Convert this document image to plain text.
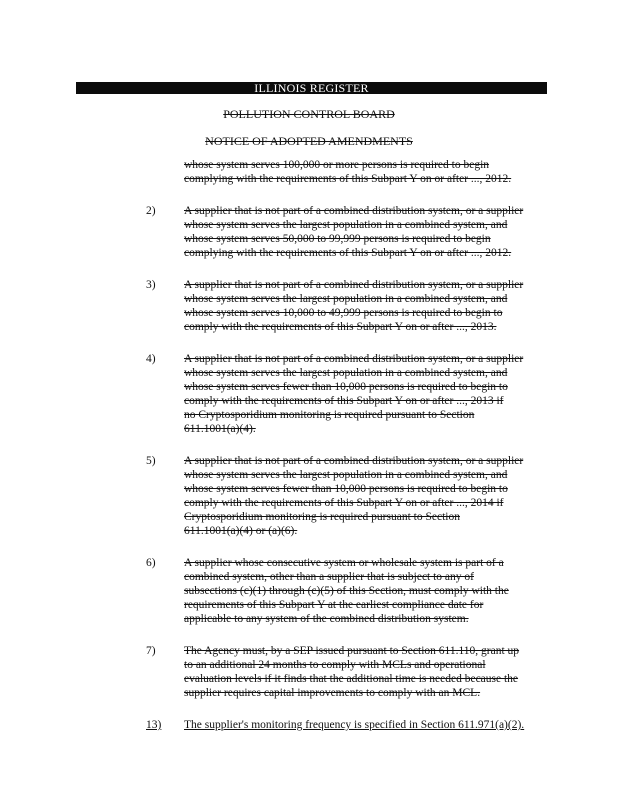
ILLINOIS REGISTER
POLLUTION CONTROL BOARD
NOTICE OF ADOPTED AMENDMENTS
whose system serves 100,000 or more persons is required to begin
complying with the requirements of this Subpart Y on or after ..., 2012.
2) A supplier that is not part of a combined distribution system, or a supplier
whose system serves the largest population in a combined system, and
whose system serves 50,000 to 99,999 persons is required to begin
complying with the requirements of this Subpart Y on or after ..., 2012.
3) A supplier that is not part of a combined distribution system, or a supplier
whose system serves the largest population in a combined system, and
whose system serves 10,000 to 49,999 persons is required to begin to
comply with the requirements of this Subpart Y on or after ..., 2013.
4) A supplier that is not part of a combined distribution system, or a supplier
whose system serves the largest population in a combined system, and
whose system serves fewer than 10,000 persons is required to begin to
comply with the requirements of this Subpart Y on or after ..., 2013 if
no Cryptosporidium monitoring is required pursuant to Section
611.1001(a)(4).
5) A supplier that is not part of a combined distribution system, or a supplier
whose system serves the largest population in a combined system, and
whose system serves fewer than 10,000 persons is required to begin to
comply with the requirements of this Subpart Y on or after ..., 2014 if
Cryptosporidium monitoring is required pursuant to Section
611.1001(a)(4) or (a)(6).
6) A supplier whose consecutive system or wholesale system is part of a
combined system, other than a supplier that is subject to any of
subsections (c)(1) through (c)(5) of this Section, must comply with the
requirements of this Subpart Y at the earliest compliance date for
applicable to any system of the combined distribution system.
7) The Agency must, by a SEP issued pursuant to Section 611.110, grant up
to an additional 24 months to comply with MCLs and operational
evaluation levels if it finds that the additional time is needed because the
supplier requires capital improvements to comply with an MCL.
13) The supplier's monitoring frequency is specified in Section 611.971(a)(2).
